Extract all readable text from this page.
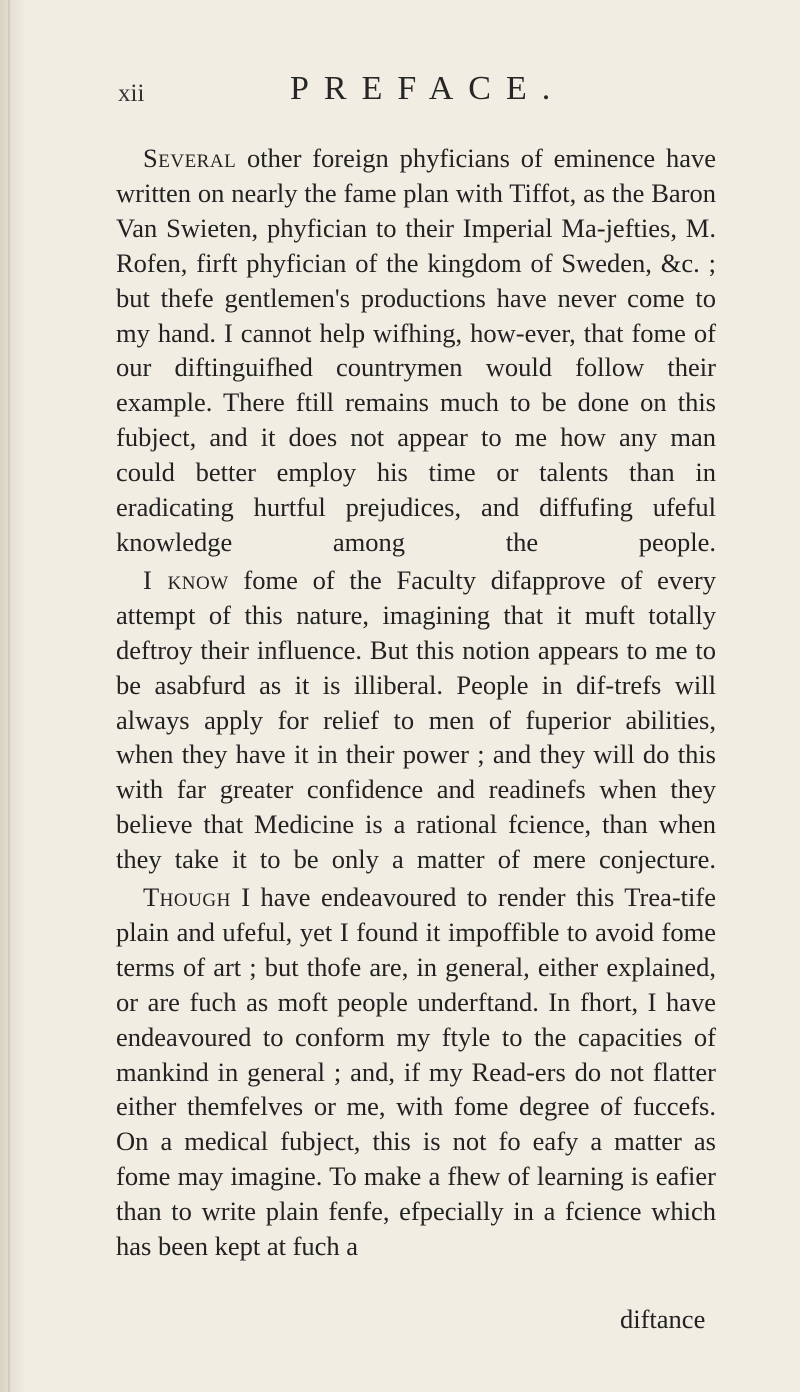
xii	PREFACE.

Several other foreign phyficians of eminence have written on nearly the fame plan with Tiffot, as the Baron Van Swieten, phyfician to their Imperial Ma-jefties, M. Rofen, firft phyfician of the kingdom of Sweden, &c. ; but thefe gentlemen's productions have never come to my hand. I cannot help wifhing, how-ever, that fome of our diftinguifhed countrymen would follow their example. There ftill remains much to be done on this fubject, and it does not appear to me how any man could better employ his time or talents than in eradicating hurtful prejudices, and diffufing ufeful knowledge among the people.

I know fome of the Faculty difapprove of every attempt of this nature, imagining that it muft totally deftroy their influence. But this notion appears to me to be asabfurd as it is illiberal. People in dif-trefs will always apply for relief to men of fuperior abilities, when they have it in their power ; and they will do this with far greater confidence and readinefs when they believe that Medicine is a rational fcience, than when they take it to be only a matter of mere conjecture.

Though I have endeavoured to render this Trea-tife plain and ufeful, yet I found it impoffible to avoid fome terms of art ; but thofe are, in general, either explained, or are fuch as moft people underftand. In fhort, I have endeavoured to conform my ftyle to the capacities of mankind in general ; and, if my Read-ers do not flatter either themfelves or me, with fome degree of fuccefs. On a medical fubject, this is not fo eafy a matter as fome may imagine. To make a fhew of learning is eafier than to write plain fenfe, efpecially in a fcience which has been kept at fuch a

diftance
